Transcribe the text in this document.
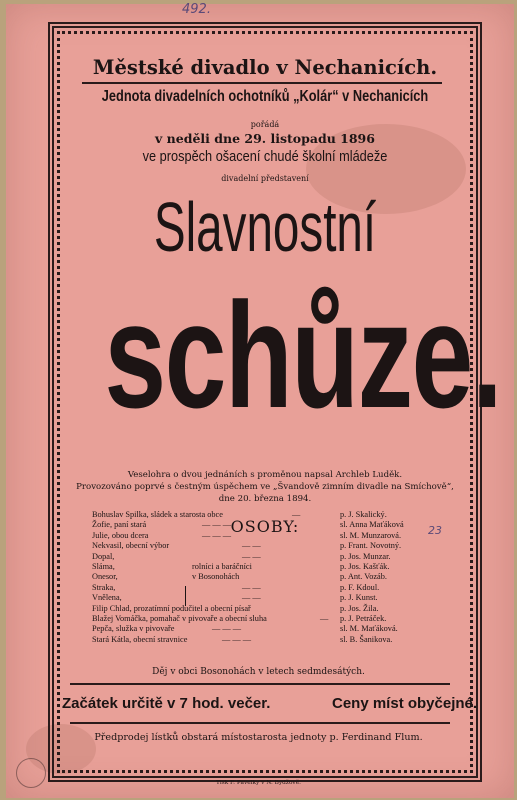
492.
23
Městské divadlo v Nechanicích.
Jednota divadelních ochotníků „Kolár“ v Nechanicích
pořádá
v neděli dne 29. listopadu 1896
ve prospěch ošacení chudé školní mládeže
divadelní představení
Slavnostní
schůze.
Veselohra o dvou jednáních s proměnou napsal Archleb Luděk.
Provozováno poprvé s čestným úspěchem ve „Švandově zimním divadle na Smíchově“,
dne 20. března 1894.
OSOBY:
Bohuslav Spilka, sládek a starosta obce	—	p. J. Skalický.
Žofie, paní stará	— — —	sl. Anna Maťáková
Julie, obou dcera	— — —	sl. M. Munzarová.
Nekvasil, obecní výbor	— —	p. Frant. Novotný.
Dopal,	— —	p. Jos. Munzar.
Sláma,	rolníci a baráčníci	p. Jos. Kašťák.
Onesor,	v Bosonohách	p. Ant. Vozáb.
Straka,	— —	p. F. Kdoul.
Vnělena,	— —	p. J. Kunst.
Filip Chlad, prozatímní podučitel a obecní písař	p. Jos. Žila.
Blažej Vomáčka, pomahač v pivovaře a obecní sluha	— p. J. Petráček.
Pepča, služka v pivovaře	— — —	sl. M. Maťáková.
Stará Kátla, obecní stravnice	— — —	sl. B. Šanikova.
Děj v obci Bosonohách v letech sedmdesátých.
Začátek určitě v 7 hod. večer.	Ceny míst obyčejné.
Předprodej lístků obstará místostarosta jednoty p. Ferdinand Flum.
Tisk F. Pavelky v N. Bydžově.
